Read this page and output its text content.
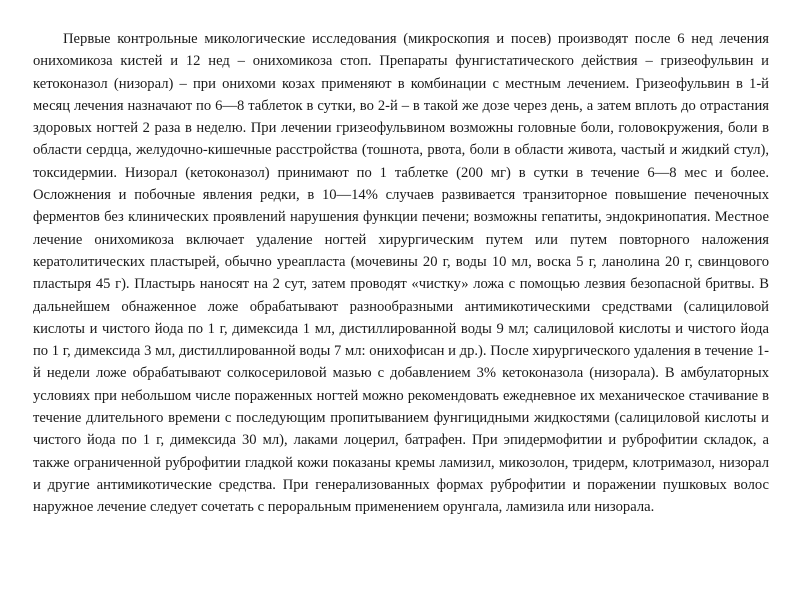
Первые контрольные микологические исследования (микроскопия и посев) производят после 6 нед лечения онихомикоза кистей и 12 нед – онихомикоза стоп. Препараты фунгистатического действия – гризеофульвин и кетоконазол (низорал) – при онихоми козах применяют в комбинации с местным лечением. Гризеофульвин в 1-й месяц лечения назначают по 6—8 таблеток в сутки, во 2-й – в такой же дозе через день, а затем вплоть до отрастания здоровых ногтей 2 раза в неделю. При лечении гризеофульвином возможны головные боли, головокружения, боли в области сердца, желудочно-кишечные расстройства (тошнота, рвота, боли в области живота, частый и жидкий стул), токсидермии. Низорал (кетоконазол) принимают по 1 таблетке (200 мг) в сутки в течение 6—8 мес и более. Осложнения и побочные явления редки, в 10—14% случаев развивается транзиторное повышение печеночных ферментов без клинических проявлений нарушения функции печени; возможны гепатиты, эндокринопатия. Местное лечение онихомикоза включает удаление ногтей хирургическим путем или путем повторного наложения кератолитических пластырей, обычно уреапласта (мочевины 20 г, воды 10 мл, воска 5 г, ланолина 20 г, свинцового пластыря 45 г). Пластырь наносят на 2 сут, затем проводят «чистку» ложа с помощью лезвия безопасной бритвы. В дальнейшем обнаженное ложе обрабатывают разнообразными антимикотическими средствами (салициловой кислоты и чистого йода по 1 г, димексида 1 мл, дистиллированной воды 9 мл; салициловой кислоты и чистого йода по 1 г, димексида 3 мл, дистиллированной воды 7 мл: онихофисан и др.). После хирургического удаления в течение 1-й недели ложе обрабатывают солкосериловой мазью с добавлением 3% кетоконазола (низорала). В амбулаторных условиях при небольшом числе пораженных ногтей можно рекомендовать ежедневное их механическое стачивание в течение длительного времени с последующим пропитыванием фунгицидными жидкостями (салициловой кислоты и чистого йода по 1 г, димексида 30 мл), лаками лоцерил, батрафен. При эпидермофитии и руброфитии складок, а также ограниченной руброфитии гладкой кожи показаны кремы ламизил, микозолон, тридерм, клотримазол, низорал и другие антимикотические средства. При генерализованных формах руброфитии и поражении пушковых волос наружное лечение следует сочетать с пероральным применением орунгала, ламизила или низорала.
